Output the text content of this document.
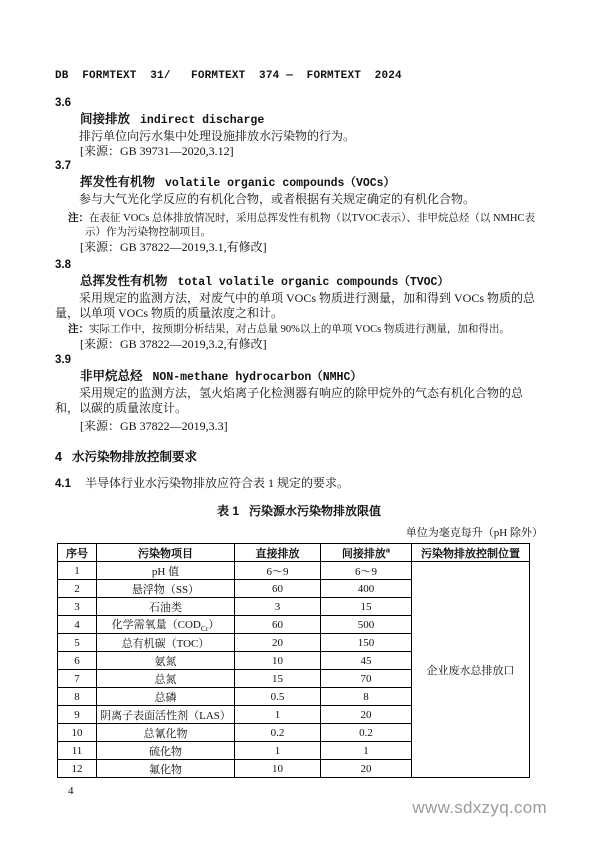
DB  FORMTEXT  31/   FORMTEXT  374 —  FORMTEXT  2024
3.6
间接排放 indirect discharge
排污单位向污水集中处理设施排放水污染物的行为。
[来源：GB 39731—2020,3.12]
3.7
挥发性有机物 volatile organic compounds（VOCs）
参与大气光化学反应的有机化合物，或者根据有关规定确定的有机化合物。
注：在表征 VOCs 总体排放情况时，采用总挥发性有机物（以TVOC表示）、非甲烷总烃（以 NMHC表示）作为污染物控制项目。
[来源：GB 37822—2019,3.1,有修改]
3.8
总挥发性有机物 total volatile organic compounds（TVOC）
采用规定的监测方法，对废气中的单项 VOCs 物质进行测量，加和得到 VOCs 物质的总量，以单项 VOCs 物质的质量浓度之和计。
注：实际工作中，按预期分析结果，对占总量 90%以上的单项 VOCs 物质进行测量，加和得出。
[来源：GB 37822—2019,3.2,有修改]
3.9
非甲烷总烃 NON-methane hydrocarbon（NMHC）
采用规定的监测方法，氢火焰离子化检测器有响应的除甲烷外的气态有机化合物的总和，以碳的质量浓度计。
[来源：GB 37822—2019,3.3]
4 水污染物排放控制要求
4.1 半导体行业水污染物排放应符合表 1 规定的要求。
表 1 污染源水污染物排放限值
单位为毫克每升（pH 除外）
序号	污染物项目	直接排放	间接排放$^a$	污染物排放控制位置
1	pH 值	6～9	6～9	企业废水总排放口
2	悬浮物（SS）	60	400	
3	石油类	3	15	
4	化学需氧量$(COD_{Cr})$	60	500	
5	总有机碳（TOC）	20	150	
6	氨氮	10	45	
7	总氮	15	70	
8	总磷	0.5	8	
9	阴离子表面活性剂（LAS）	1	20	
10	总氰化物	0.2	0.2	
11	硫化物	1	1	
12	氟化物	10	20	
4
www.sdxzyq.com
